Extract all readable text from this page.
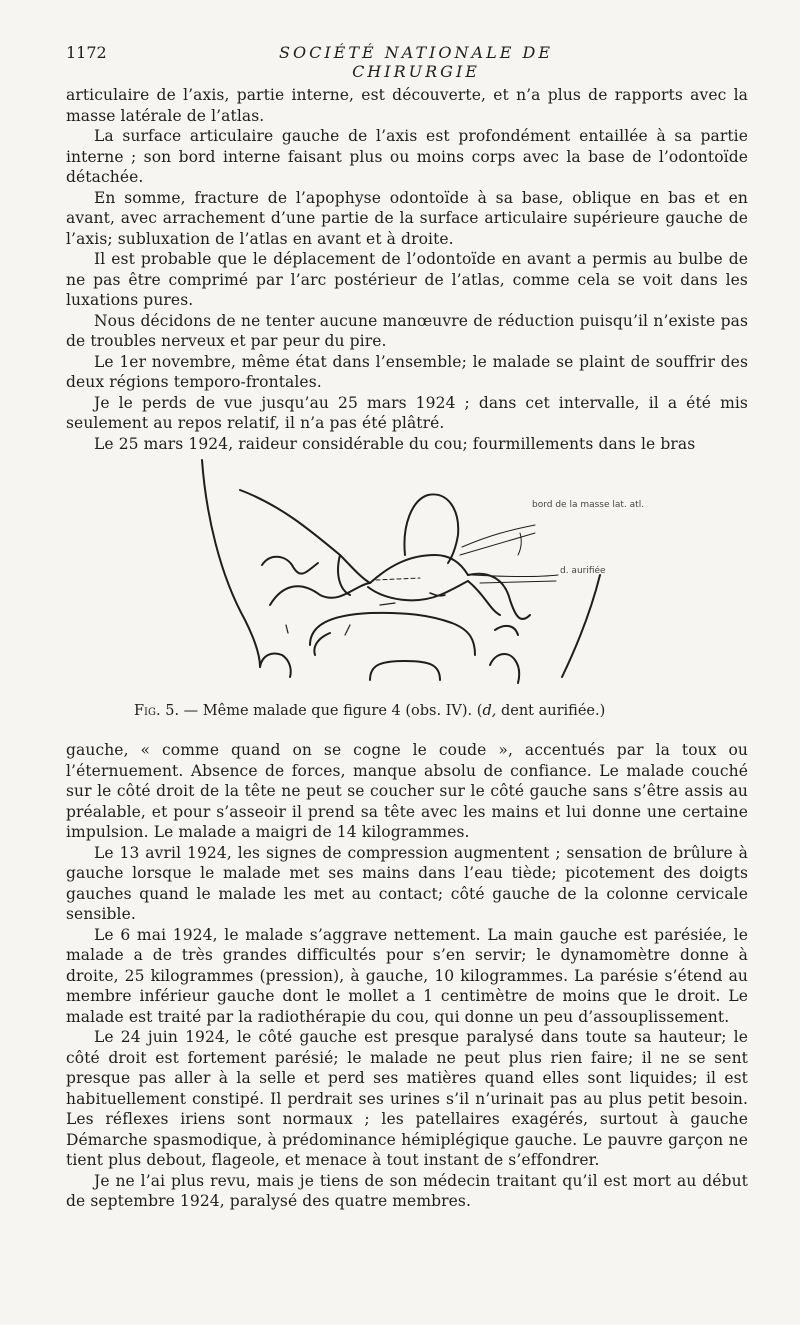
1172	SOCIÉTÉ NATIONALE DE CHIRURGIE

articulaire de l’axis, partie interne, est découverte, et n’a plus de rapports avec la masse latérale de l’atlas.

La surface articulaire gauche de l’axis est profondément entaillée à sa partie interne ; son bord interne faisant plus ou moins corps avec la base de l’odontoïde détachée.

En somme, fracture de l’apophyse odontoïde à sa base, oblique en bas et en avant, avec arrachement d’une partie de la surface articulaire supérieure gauche de l’axis; subluxation de l’atlas en avant et à droite.

Il est probable que le déplacement de l’odontoïde en avant a permis au bulbe de ne pas être comprimé par l’arc postérieur de l’atlas, comme cela se voit dans les luxations pures.

Nous décidons de ne tenter aucune manœuvre de réduction puisqu’il n’existe pas de troubles nerveux et par peur du pire.

Le 1er novembre, même état dans l’ensemble; le malade se plaint de souffrir des deux régions temporo-frontales.

Je le perds de vue jusqu’au 25 mars 1924 ; dans cet intervalle, il a été mis seulement au repos relatif, il n’a pas été plâtré.

Le 25 mars 1924, raideur considérable du cou; fourmillements dans le bras

bord de la masse lat. atl.
d. aurifiée
Fig. 5. — Même malade que figure 4 (obs. IV). (d, dent aurifiée.)

gauche, « comme quand on se cogne le coude », accentués par la toux ou l’éternuement. Absence de forces, manque absolu de confiance. Le malade couché sur le côté droit de la tête ne peut se coucher sur le côté gauche sans s’être assis au préalable, et pour s’asseoir il prend sa tête avec les mains et lui donne une certaine impulsion. Le malade a maigri de 14 kilogrammes.

Le 13 avril 1924, les signes de compression augmentent ; sensation de brûlure à gauche lorsque le malade met ses mains dans l’eau tiède; picotement des doigts gauches quand le malade les met au contact; côté gauche de la colonne cervicale sensible.

Le 6 mai 1924, le malade s’aggrave nettement. La main gauche est parésiée, le malade a de très grandes difficultés pour s’en servir; le dynamomètre donne à droite, 25 kilogrammes (pression), à gauche, 10 kilogrammes. La parésie s’étend au membre inférieur gauche dont le mollet a 1 centimètre de moins que le droit. Le malade est traité par la radiothérapie du cou, qui donne un peu d’assouplissement.

Le 24 juin 1924, le côté gauche est presque paralysé dans toute sa hauteur; le côté droit est fortement parésié; le malade ne peut plus rien faire; il ne se sent presque pas aller à la selle et perd ses matières quand elles sont liquides; il est habituellement constipé. Il perdrait ses urines s’il n’urinait pas au plus petit besoin. Les réflexes iriens sont normaux ; les patellaires exagérés, surtout à gauche Démarche spasmodique, à prédominance hémiplégique gauche. Le pauvre garçon ne tient plus debout, flageole, et menace à tout instant de s’effondrer.

Je ne l’ai plus revu, mais je tiens de son médecin traitant qu’il est mort au début de septembre 1924, paralysé des quatre membres.
